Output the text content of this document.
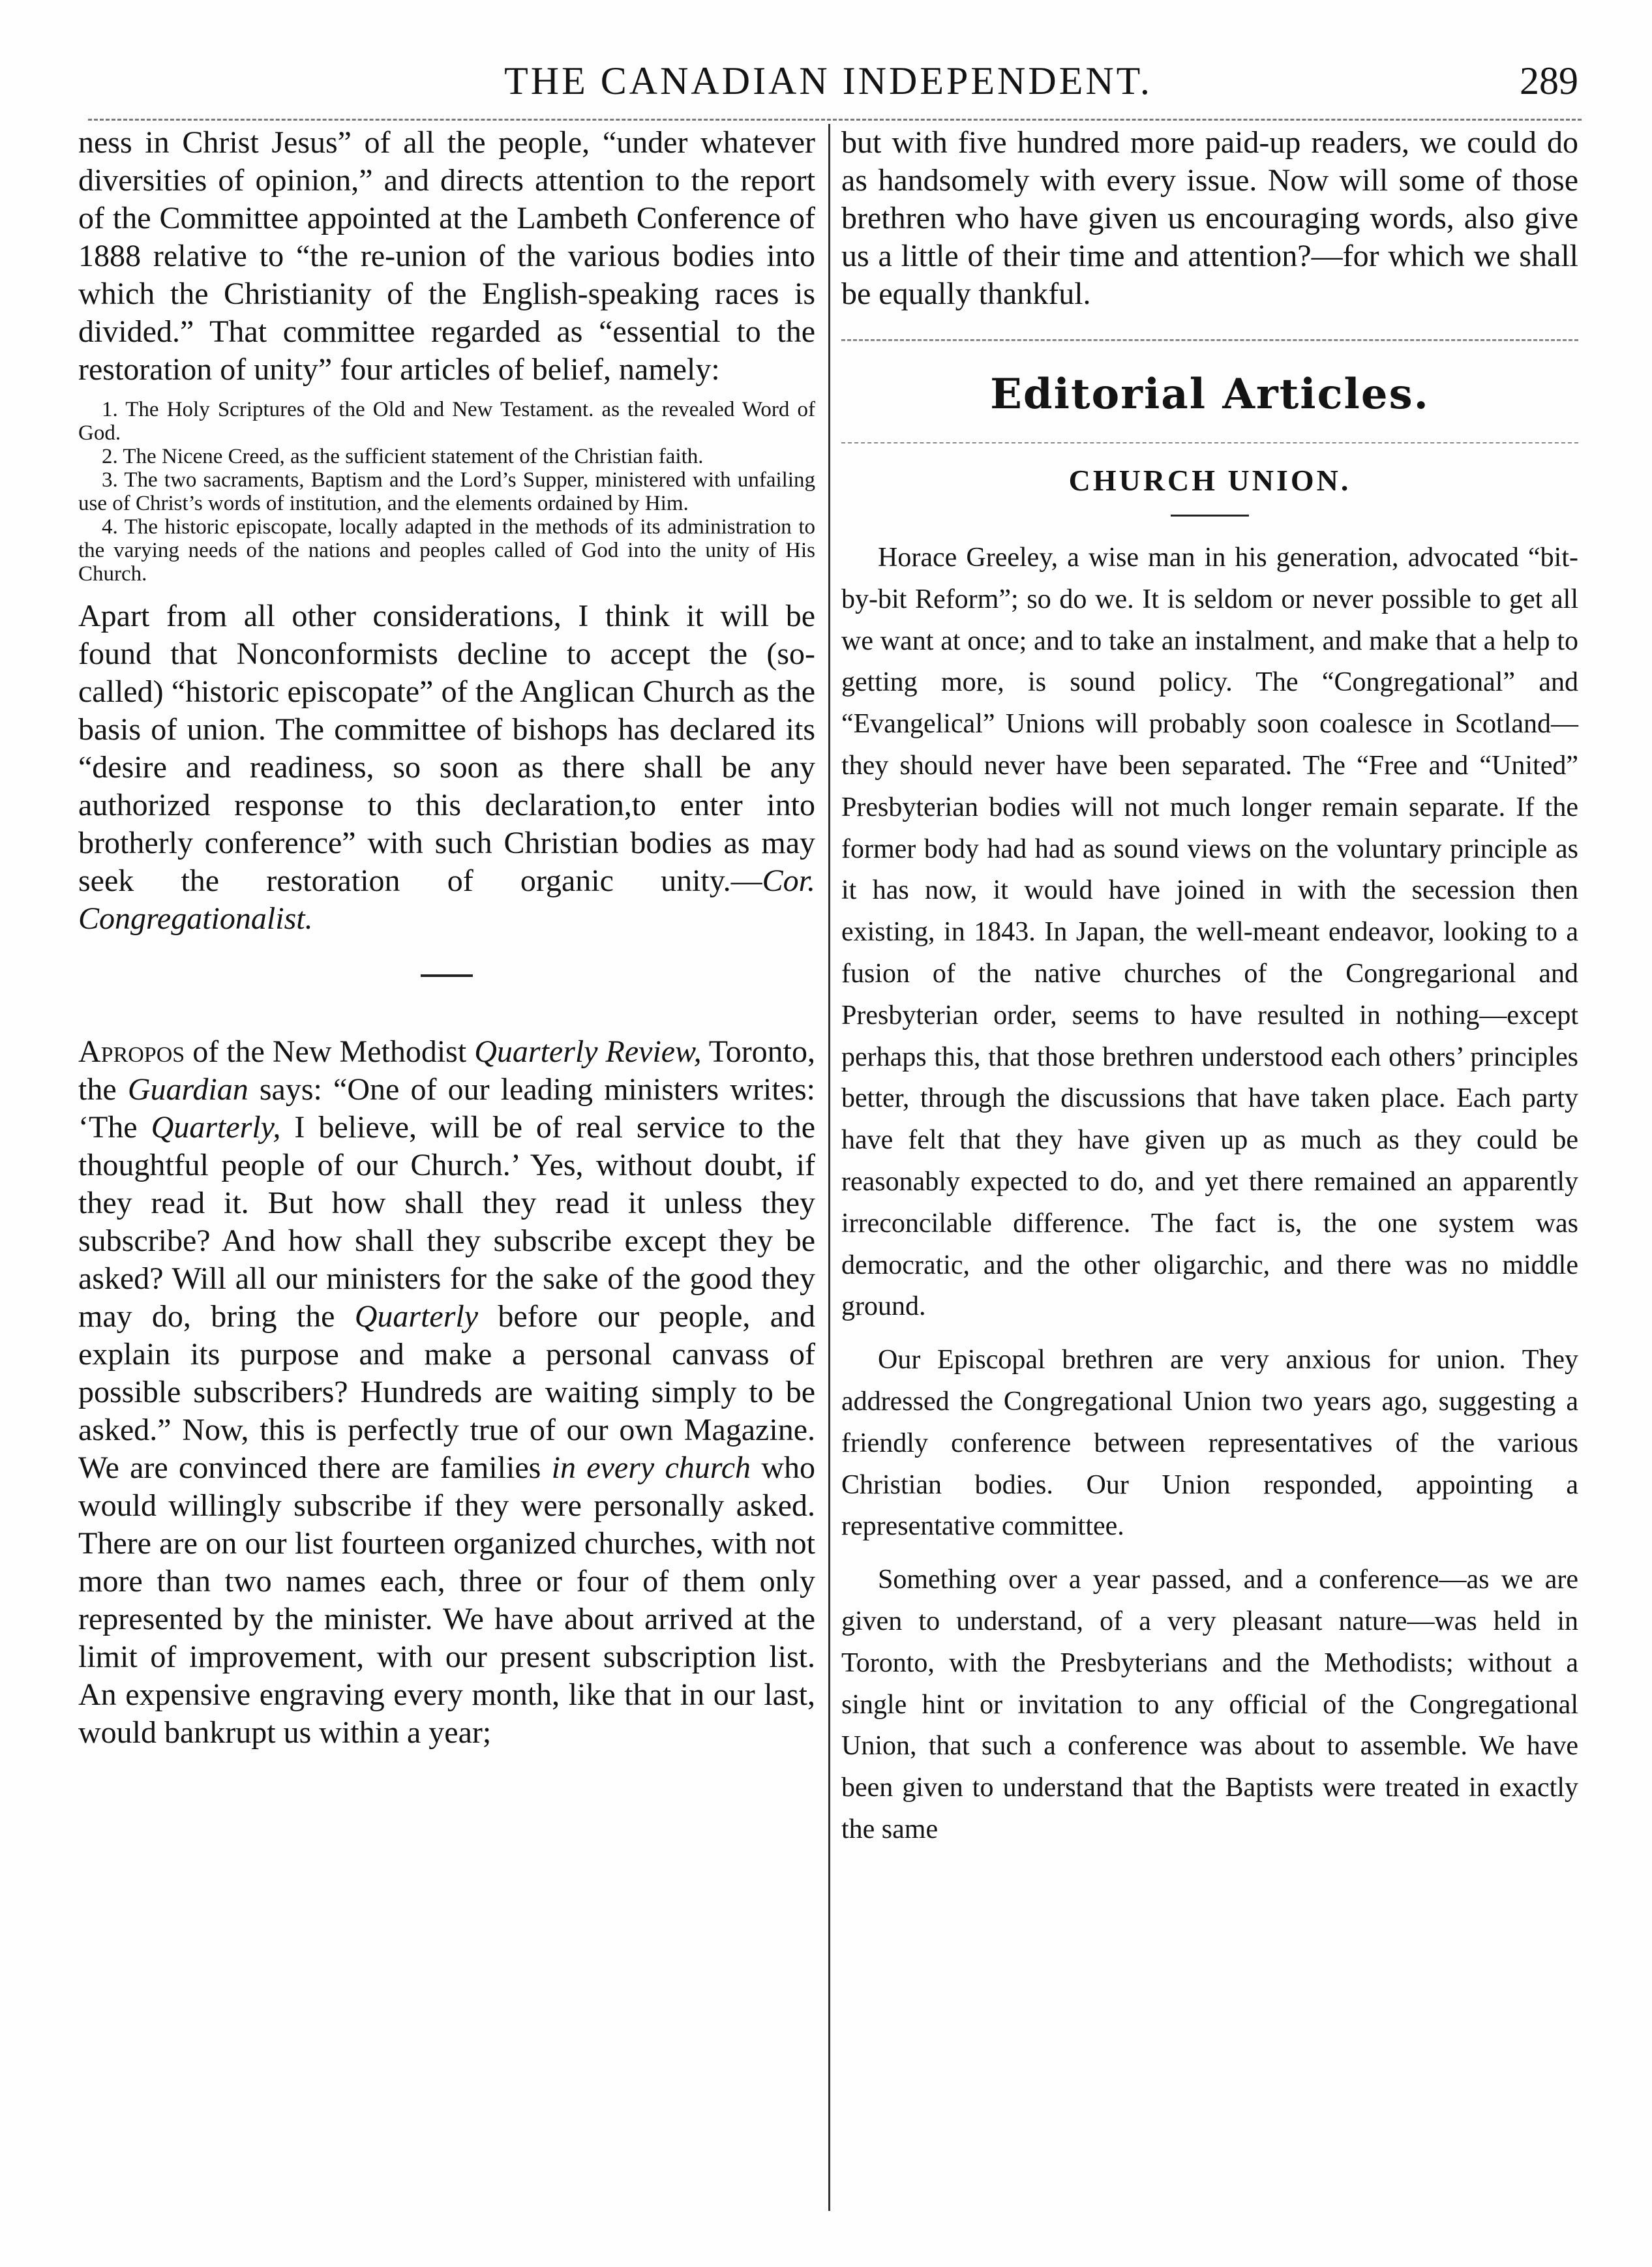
THE CANADIAN INDEPENDENT.	289

ness in Christ Jesus” of all the people, “under whatever diversities of opinion,” and directs attention to the report of the Committee appointed at the Lambeth Conference of 1888 relative to “the re-union of the various bodies into which the Christianity of the English-speaking races is divided.” That committee regarded as “essential to the restoration of unity” four articles of belief, namely:

1. The Holy Scriptures of the Old and New Testament. as the revealed Word of God.
2. The Nicene Creed, as the sufficient statement of the Christian faith.
3. The two sacraments, Baptism and the Lord’s Supper, ministered with unfailing use of Christ’s words of institution, and the elements ordained by Him.
4. The historic episcopate, locally adapted in the methods of its administration to the varying needs of the nations and peoples called of God into the unity of His Church.

Apart from all other considerations, I think it will be found that Nonconformists decline to accept the (so-called) “historic episcopate” of the Anglican Church as the basis of union. The committee of bishops has declared its “desire and readiness, so soon as there shall be any authorized response to this declaration,to enter into brotherly conference” with such Christian bodies as may seek the restoration of organic unity.—Cor. Congregationalist.

Apropos of the New Methodist Quarterly Review, Toronto, the Guardian says: “One of our leading ministers writes: ‘The Quarterly, I believe, will be of real service to the thoughtful people of our Church.’ Yes, without doubt, if they read it. But how shall they read it unless they subscribe? And how shall they subscribe except they be asked? Will all our ministers for the sake of the good they may do, bring the Quarterly before our people, and explain its purpose and make a personal canvass of possible subscribers? Hundreds are waiting simply to be asked.” Now, this is perfectly true of our own Magazine. We are convinced there are families in every church who would willingly subscribe if they were personally asked. There are on our list fourteen organized churches, with not more than two names each, three or four of them only represented by the minister. We have about arrived at the limit of improvement, with our present subscription list. An expensive engraving every month, like that in our last, would bankrupt us within a year;

but with five hundred more paid-up readers, we could do as handsomely with every issue. Now will some of those brethren who have given us encouraging words, also give us a little of their time and attention?—for which we shall be equally thankful.

Editorial Articles.
CHURCH UNION.

Horace Greeley, a wise man in his generation, advocated “bit-by-bit Reform”; so do we. It is seldom or never possible to get all we want at once; and to take an instalment, and make that a help to getting more, is sound policy. The “Congregational” and “Evangelical” Unions will probably soon coalesce in Scotland—they should never have been separated. The “Free and “United” Presbyterian bodies will not much longer remain separate. If the former body had had as sound views on the voluntary principle as it has now, it would have joined in with the secession then existing, in 1843. In Japan, the well-meant endeavor, looking to a fusion of the native churches of the Congregarional and Presbyterian order, seems to have resulted in nothing—except perhaps this, that those brethren understood each others’ principles better, through the discussions that have taken place. Each party have felt that they have given up as much as they could be reasonably expected to do, and yet there remained an apparently irreconcilable difference. The fact is, the one system was democratic, and the other oligarchic, and there was no middle ground.

Our Episcopal brethren are very anxious for union. They addressed the Congregational Union two years ago, suggesting a friendly conference between representatives of the various Christian bodies. Our Union responded, appointing a representative committee.

Something over a year passed, and a conference—as we are given to understand, of a very pleasant nature—was held in Toronto, with the Presbyterians and the Methodists; without a single hint or invitation to any official of the Congregational Union, that such a conference was about to assemble. We have been given to understand that the Baptists were treated in exactly the same
